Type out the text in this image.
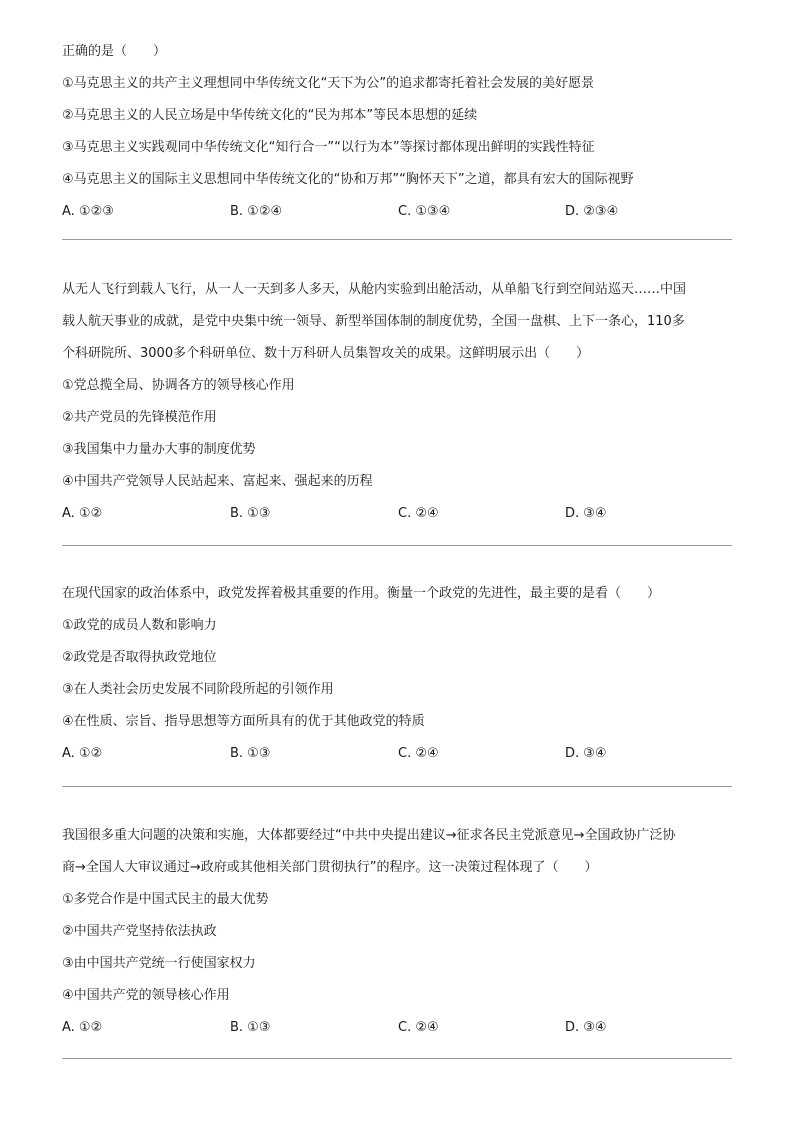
正确的是（　　）
①马克思主义的共产主义理想同中华传统文化“天下为公”的追求都寄托着社会发展的美好愿景
②马克思主义的人民立场是中华传统文化的“民为邦本”等民本思想的延续
③马克思主义实践观同中华传统文化“知行合一”“以行为本”等探讨都体现出鲜明的实践性特征
④马克思主义的国际主义思想同中华传统文化的“协和万邦”“胸怀天下”之道，都具有宏大的国际视野
A. ①②③	B. ①②④	C. ①③④	D. ②③④
从无人飞行到载人飞行，从一人一天到多人多天，从舱内实验到出舱活动，从单船飞行到空间站巡天……中国
载人航天事业的成就，是党中央集中统一领导、新型举国体制的制度优势，全国一盘棋、上下一条心，110多
个科研院所、3000多个科研单位、数十万科研人员集智攻关的成果。这鲜明展示出（　　）
①党总揽全局、协调各方的领导核心作用
②共产党员的先锋模范作用
③我国集中力量办大事的制度优势
④中国共产党领导人民站起来、富起来、强起来的历程
A. ①②	B. ①③	C. ②④	D. ③④
在现代国家的政治体系中，政党发挥着极其重要的作用。衡量一个政党的先进性，最主要的是看（　　）
①政党的成员人数和影响力
②政党是否取得执政党地位
③在人类社会历史发展不同阶段所起的引领作用
④在性质、宗旨、指导思想等方面所具有的优于其他政党的特质
A. ①②	B. ①③	C. ②④	D. ③④
我国很多重大问题的决策和实施，大体都要经过“中共中央提出建议→征求各民主党派意见→全国政协广泛协
商→全国人大审议通过→政府或其他相关部门贯彻执行”的程序。这一决策过程体现了（　　）
①多党合作是中国式民主的最大优势
②中国共产党坚持依法执政
③由中国共产党统一行使国家权力
④中国共产党的领导核心作用
A. ①②	B. ①③	C. ②④	D. ③④
